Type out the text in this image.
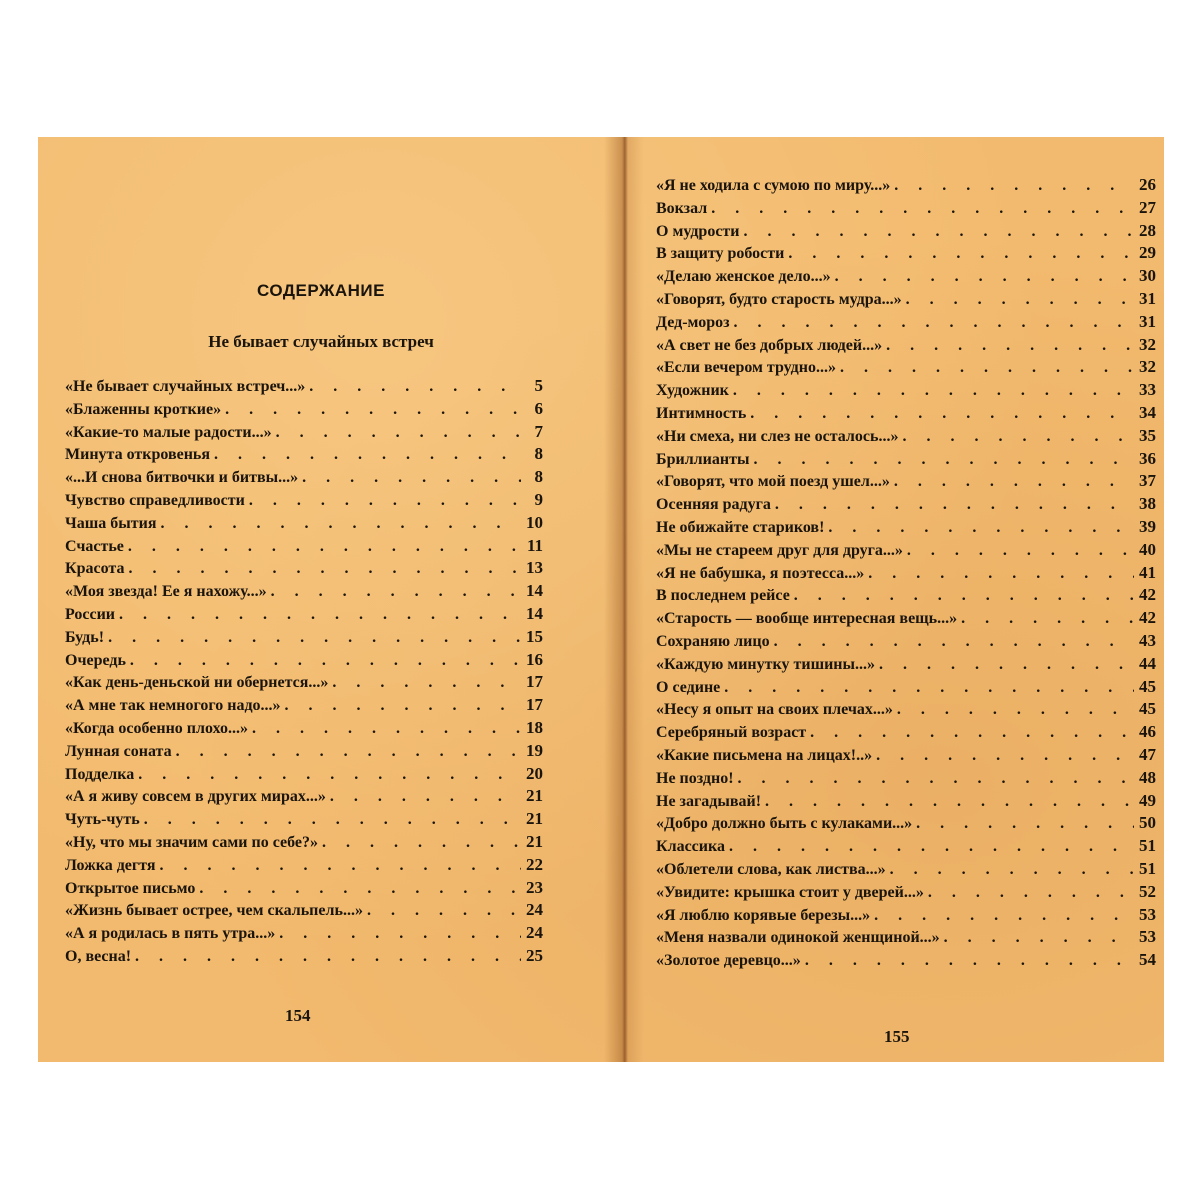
СОДЕРЖАНИЕ
Не бывает случайных встреч
«Не бывает случайных встреч...» . . .	5
«Блаженны кроткие» . . .	6
«Какие-то малые радости...» . . .	7
Минута откровенья . . .	8
«...И снова битвочки и битвы...» . . .	8
Чувство справедливости . . .	9
Чаша бытия . . .	10
Счастье . . .	11
Красота . . .	13
«Моя звезда! Ее я нахожу...» . . .	14
России . . .	14
Будь! . . .	15
Очередь . . .	16
«Как день-деньской ни обернется...» . . .	17
«А мне так немногого надо...» . . .	17
«Когда особенно плохо...» . . .	18
Лунная соната . . .	19
Подделка . . .	20
«А я живу совсем в других мирах...» . . .	21
Чуть-чуть . . .	21
«Ну, что мы значим сами по себе?» . . .	21
Ложка дегтя . . .	22
Открытое письмо . . .	23
«Жизнь бывает острее, чем скальпель...» . . .	24
«А я родилась в пять утра...» . . .	24
О, весна! . . .	25

154

«Я не ходила с сумою по миру...» . . .	26
Вокзал . . .	27
О мудрости . . .	28
В защиту робости . . .	29
«Делаю женское дело...» . . .	30
«Говорят, будто старость мудра...» . . .	31
Дед-мороз . . .	31
«А свет не без добрых людей...» . . .	32
«Если вечером трудно...» . . .	32
Художник . . .	33
Интимность . . .	34
«Ни смеха, ни слез не осталось...» . . .	35
Бриллианты . . .	36
«Говорят, что мой поезд ушел...» . . .	37
Осенняя радуга . . .	38
Не обижайте стариков! . . .	39
«Мы не стареем друг для друга...» . . .	40
«Я не бабушка, я поэтесса...» . . .	41
В последнем рейсе . . .	42
«Старость — вообще интересная вещь...» . . .	42
Сохраняю лицо . . .	43
«Каждую минутку тишины...» . . .	44
О седине . . .	45
«Несу я опыт на своих плечах...» . . .	45
Серебряный возраст . . .	46
«Какие письмена на лицах!..» . . .	47
Не поздно! . . .	48
Не загадывай! . . .	49
«Добро должно быть с кулаками...» . . .	50
Классика . . .	51
«Облетели слова, как листва...» . . .	51
«Увидите: крышка стоит у дверей...» . . .	52
«Я люблю корявые березы...» . . .	53
«Меня назвали одинокой женщиной...» . . .	53
«Золотое деревцо...» . . .	54

155
